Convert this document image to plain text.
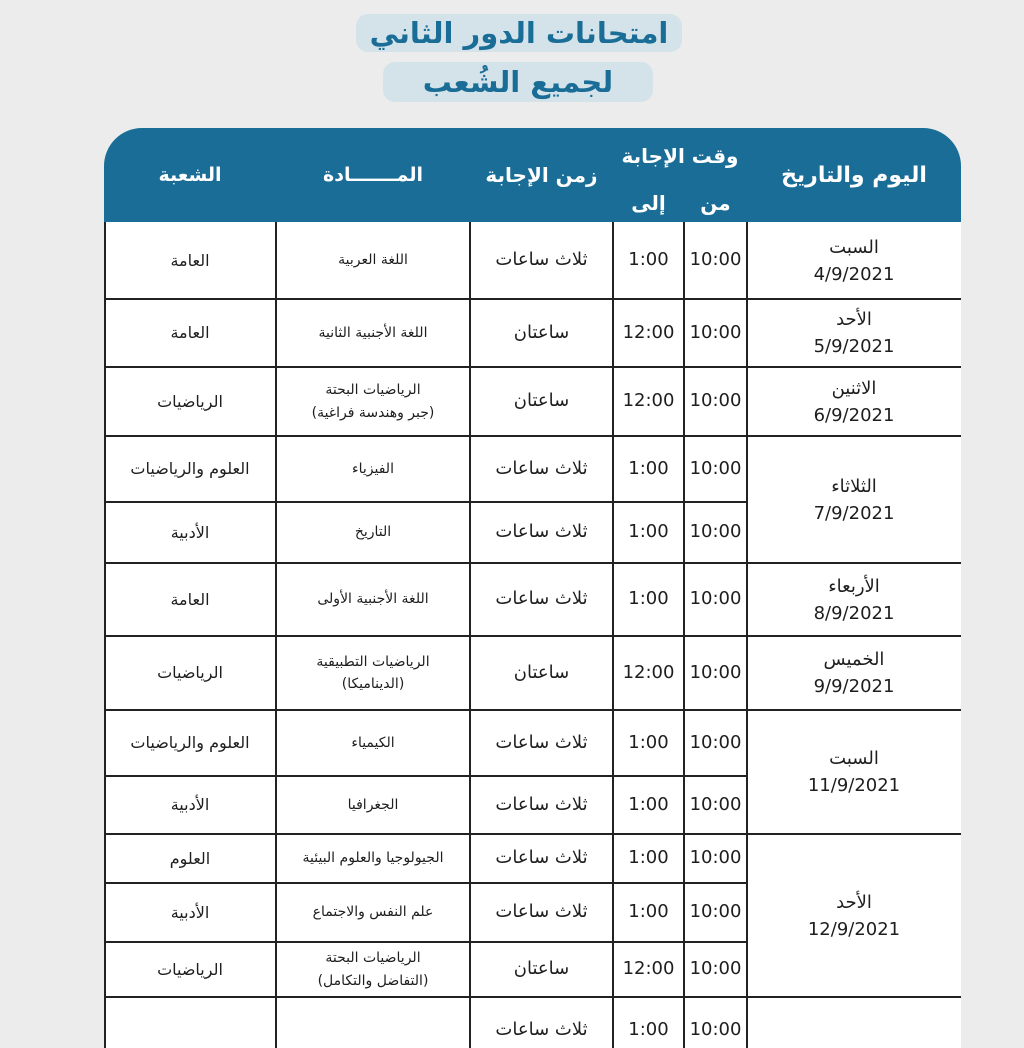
امتحانات الدور الثاني
لجميع الشُعب
اليوم والتاريخ
وقت الإجابة
من
إلى
زمن الإجابة
المـــــــادة
الشعبة
السبت
4/9/2021
الأحد
5/9/2021
الاثنين
6/9/2021
الثلاثاء
7/9/2021
الأربعاء
8/9/2021
الخميس
9/9/2021
السبت
11/9/2021
الأحد
12/9/2021
10:00
1:00
ثلاث ساعات
اللغة العربية
العامة
10:00
12:00
ساعتان
اللغة الأجنبية الثانية
العامة
10:00
12:00
ساعتان
الرياضيات البحتة
(جبر وهندسة فراغية)
الرياضيات
10:00
1:00
ثلاث ساعات
الفيزياء
العلوم والرياضيات
10:00
1:00
ثلاث ساعات
التاريخ
الأدبية
10:00
1:00
ثلاث ساعات
اللغة الأجنبية الأولى
العامة
10:00
12:00
ساعتان
الرياضيات التطبيقية
(الديناميكا)
الرياضيات
10:00
1:00
ثلاث ساعات
الكيمياء
العلوم والرياضيات
10:00
1:00
ثلاث ساعات
الجغرافيا
الأدبية
10:00
1:00
ثلاث ساعات
الجيولوجيا والعلوم البيئية
العلوم
10:00
1:00
ثلاث ساعات
علم النفس والاجتماع
الأدبية
10:00
12:00
ساعتان
الرياضيات البحتة
(التفاضل والتكامل)
الرياضيات
10:00
1:00
ثلاث ساعات
